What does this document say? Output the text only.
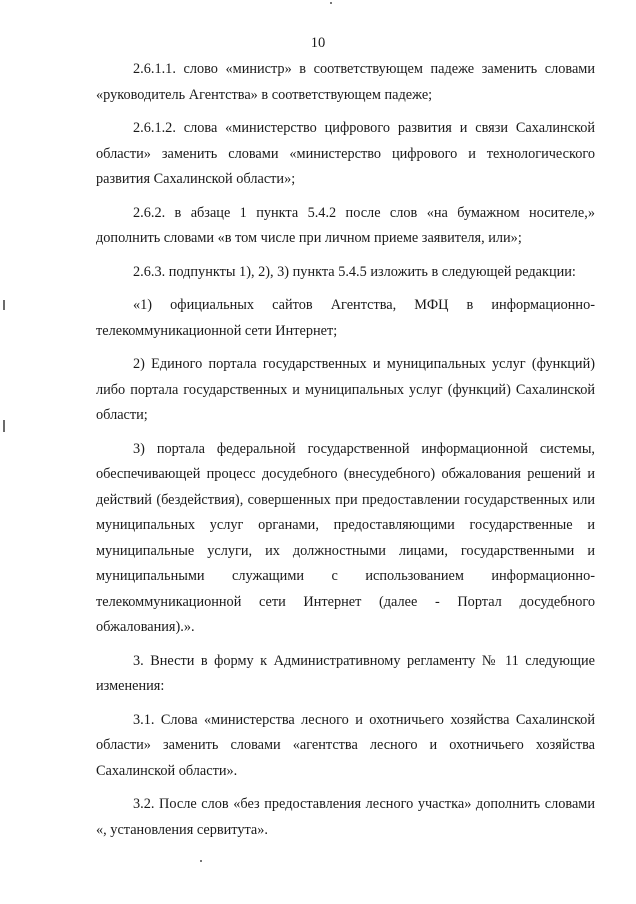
10

2.6.1.1. слово «министр» в соответствующем падеже заменить словами «руководитель Агентства» в соответствующем падеже;

2.6.1.2. слова «министерство цифрового развития и связи Сахалинской области» заменить словами «министерство цифрового и технологического развития Сахалинской области»;

2.6.2. в абзаце 1 пункта 5.4.2 после слов «на бумажном носителе,» дополнить словами «в том числе при личном приеме заявителя, или»;

2.6.3. подпункты 1), 2), 3) пункта 5.4.5 изложить в следующей редакции:

«1) официальных сайтов Агентства, МФЦ в информационно-телекоммуникационной сети Интернет;

2) Единого портала государственных и муниципальных услуг (функций) либо портала государственных и муниципальных услуг (функций) Сахалинской области;

3) портала федеральной государственной информационной системы, обеспечивающей процесс досудебного (внесудебного) обжалования решений и действий (бездействия), совершенных при предоставлении государственных или муниципальных услуг органами, предоставляющими государственные и муниципальные услуги, их должностными лицами, государственными и муниципальными служащими с использованием информационно-телекоммуникационной сети Интернет (далее - Портал досудебного обжалования).».

3. Внести в форму к Административному регламенту № 11 следующие изменения:

3.1. Слова «министерства лесного и охотничьего хозяйства Сахалинской области» заменить словами «агентства лесного и охотничьего хозяйства Сахалинской области».

3.2. После слов «без предоставления лесного участка» дополнить словами «, установления сервитута».
